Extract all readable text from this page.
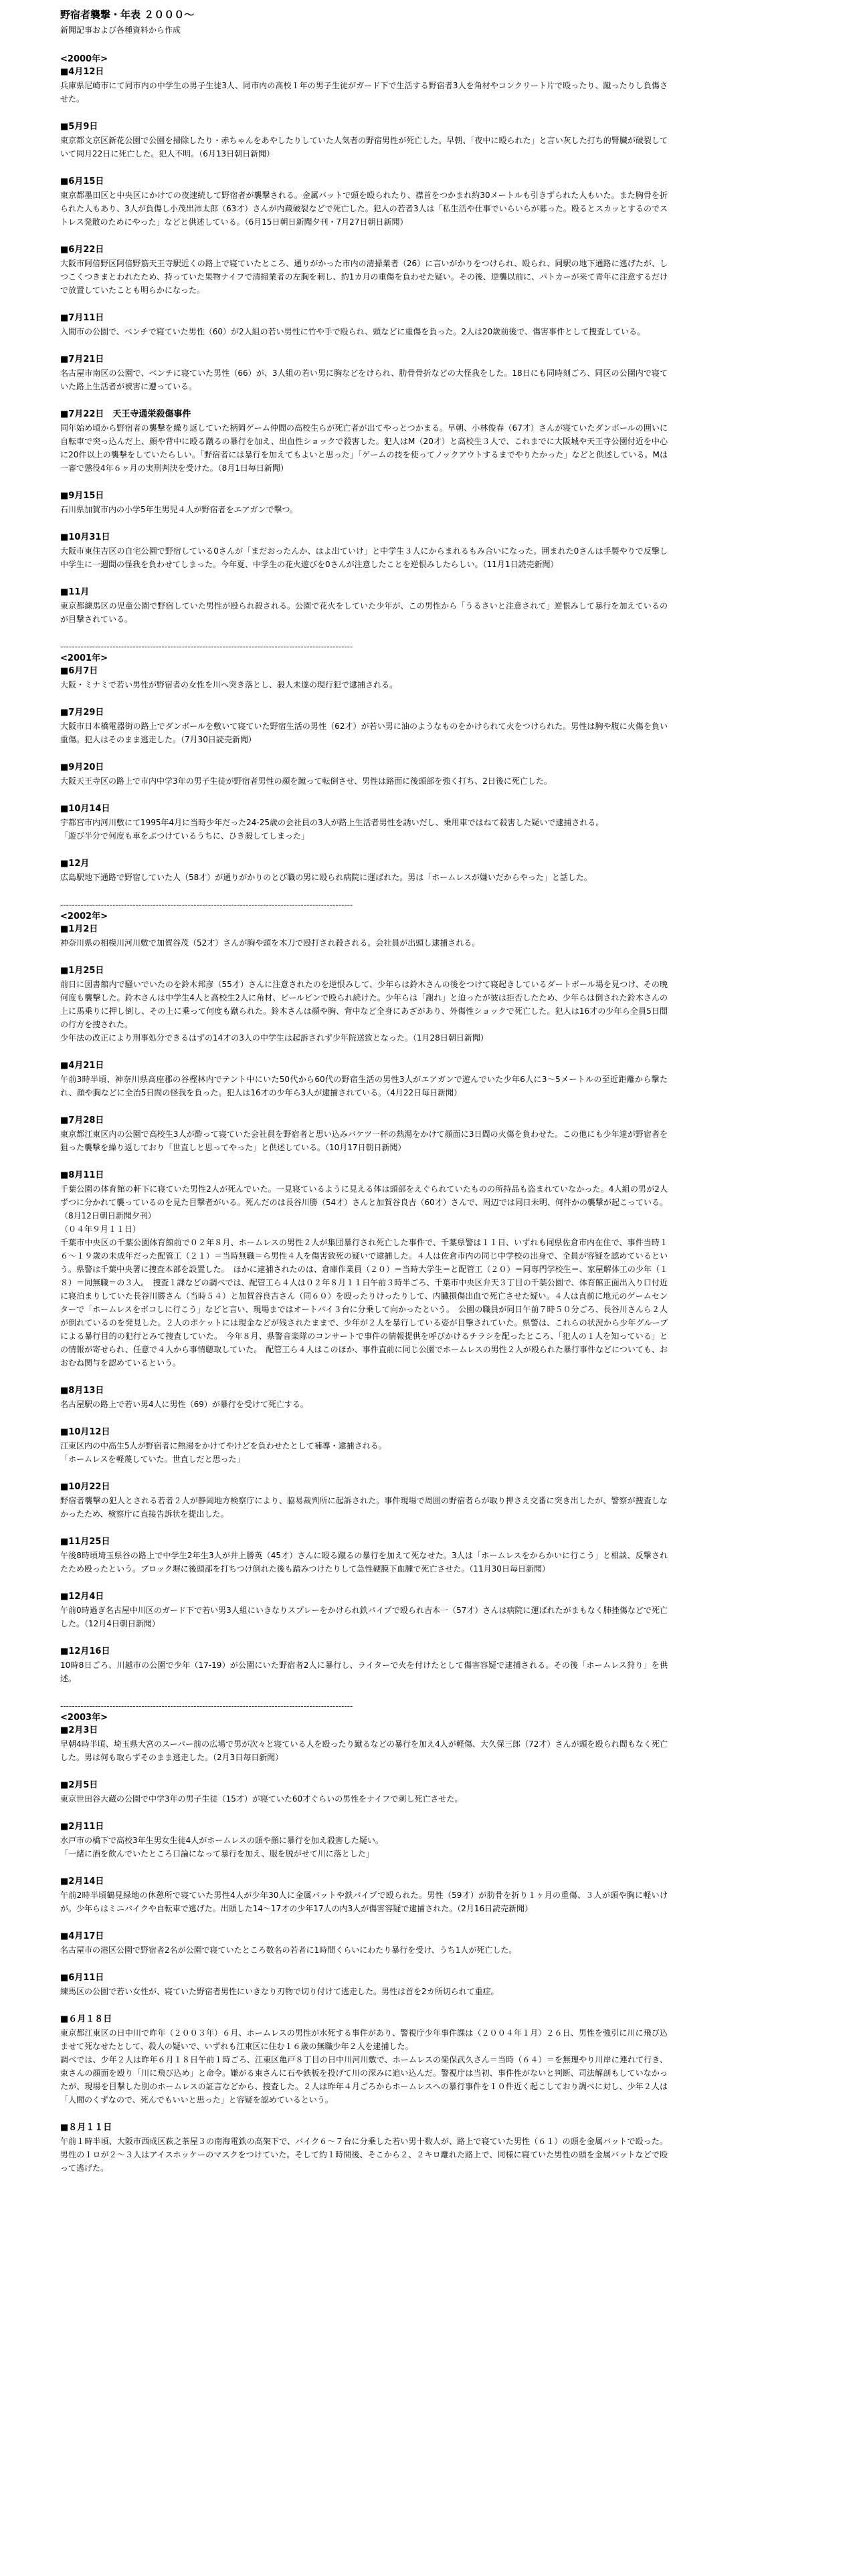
野宿者襲撃・年表 ２０００～
新聞記事および各種資料から作成
<2000年>
■4月12日

兵庫県尼崎市にて同市内の中学生の男子生徒3人、同市内の高校１年の男子生徒がガード下で生活する野宿者3人を角材やコンクリート片で殴ったり、蹴ったりし負傷させた。

■5月9日

東京都文京区新花公園で公園を掃除したり・赤ちゃんをあやしたりしていた人気者の野宿男性が死亡した。早朝、「夜中に殴られた」と言い灰した打ち的腎臓が破裂していて同月22日に死亡した。犯人不明。（6月13日朝日新聞）

■6月15日

東京都墨田区と中央区にかけての夜速続して野宿者が襲撃される。金属バットで頭を殴られたり、襟首をつかまれ約30メートルも引きずられた人もいた。また胸骨を折られた人もあり、3人が負傷し小茂出沛太郎（63才）さんが内蔵破裂などで死亡した。犯人の若者3人は「私生活や仕事でいらいらが募った。殴るとスカッとするのでストレス発散のためにやった」などと供述している。（6月15日朝日新聞夕刊・7月27日朝日新聞）

■6月22日

大阪市阿倍野区阿倍野筋天王寺駅近くの路上で寝ていたところ、通りがかった市内の清掃業者（26）に言いがかりをつけられ、殴られ、同駅の地下通路に逃げたが、しつこくつきまとわれたため、持っていた果物ナイフで清掃業者の左胸を刺し、約1カ月の重傷を負わせた疑い。その後、逆襲以前に、パトカーが来て青年に注意するだけで放置していたことも明らかになった。

■7月11日

入間市の公園で、ベンチで寝ていた男性（60）が2人組の若い男性に竹や手で殴られ、頭などに重傷を負った。2人は20歳前後で、傷害事件として捜査している。

■7月21日

名古屋市南区の公園で、ベンチに寝ていた男性（66）が、3人組の若い男に胸などをけられ、肋骨骨折などの大怪我をした。18日にも同時刻ごろ、同区の公園内で寝ていた路上生活者が被害に遭っている。

■7月22日　天王寺通栄殺傷事件

同年始め頃から野宿者の襲撃を繰り返していた柄岡ゲーム仲間の高校生らが死亡者が出てやっとつかまる。早朝、小林俊春（67才）さんが寝ていたダンボールの囲いに自転車で突っ込んだ上、顔や背中に殴る蹴るの暴行を加え、出血性ショックで殺害した。犯人はM（20才）と高校生３人で、これまでに大阪城や天王寺公園付近を中心に20件以上の襲撃をしていたらしい。「野宿者には暴行を加えてもよいと思った」「ゲームの技を使ってノックアウトするまでやりたかった」などと供述している。Mは一審で懲役4年６ヶ月の実刑判決を受けた。（8月1日毎日新聞）

■9月15日

石川県加賀市内の小学5年生男児４人が野宿者をエアガンで撃つ。

■10月31日

大阪市東住吉区の自宅公園で野宿している0さんが「まだおったんか、はよ出ていけ」と中学生３人にからまれるもみ合いになった。囲まれた0さんは手製やりで反撃し中学生に一週間の怪我を負わせてしまった。今年夏、中学生の花火遊びを0さんが注意したことを逆恨みしたらしい。（11月1日読売新聞）

■11月

東京都練馬区の児童公園で野宿していた男性が殴られ殺される。公園で花火をしていた少年が、この男性から「うるさいと注意されて」逆恨みして暴行を加えているのが目撃されている。

-----------------------------------------------------------------------------------------------------
<2001年>
■6月7日

大阪・ミナミで若い男性が野宿者の女性を川へ突き落とし、殺人未遂の現行犯で逮捕される。

■7月29日

大阪市日本橋電器街の路上でダンボールを敷いて寝ていた野宿生活の男性（62才）が若い男に油のようなものをかけられて火をつけられた。男性は胸や腹に火傷を負い重傷。犯人はそのまま逃走した。（7月30日読売新聞）

■9月20日

大阪天王寺区の路上で市内中学3年の男子生徒が野宿者男性の顔を蹴って転倒させ、男性は路面に後頭部を強く打ち、2日後に死亡した。

■10月14日

宇都宮市内河川敷にて1995年4月に当時少年だった24-25歳の会社員の3人が路上生活者男性を誘いだし、乗用車ではねて殺害した疑いで逮捕される。

「遊び半分で何度も車をぶつけているうちに、ひき殺してしまった」

■12月

広島駅地下通路で野宿していた人（58才）が通りがかりのとび職の男に殴られ病院に運ばれた。男は「ホームレスが嫌いだからやった」と話した。

-----------------------------------------------------------------------------------------------------
<2002年>
■1月2日

神奈川県の相模川河川敷で加賀谷茂（52才）さんが胸や頭を木刀で殴打され殺される。会社員が出頭し逮捕される。

■1月25日

前日に図書館内で騒いでいたのを鈴木邦彦（55才）さんに注意されたのを逆恨みして、少年らは鈴木さんの後をつけて寝起きしているダートボール場を見つけ、その晩何度も襲撃した。鈴木さんは中学生4人と高校生2人に角材、ビールビンで殴られ続けた。少年らは「謝れ」と迫ったが彼は拒否したため、少年らは倒された鈴木さんの上に馬乗りに押し倒し、その上に乗って何度も蹴られた。鈴木さんは顔や胸、背中など全身にあざがあり、外傷性ショックで死亡した。犯人は16才の少年ら全員5日間の行方を捜された。

少年法の改正により刑事処分できるはずの14才の3人の中学生は起訴されず少年院送致となった。（1月28日朝日新聞）

■4月21日

午前3時半頃、神奈川県高座郡の谷樫林内でテント中にいた50代から60代の野宿生活の男性3人がエアガンで遊んでいた少年6人に3～5メートルの至近距離から撃たれ、顔や胸などに全治5日間の怪我を負った。犯人は16才の少年ら3人が逮捕されている。（4月22日毎日新聞）

■7月28日

東京都江東区内の公園で高校生3人が酔って寝ていた会社員を野宿者と思い込みバケツ一杯の熱湯をかけて顔面に3日間の火傷を負わせた。この他にも少年達が野宿者を狙った襲撃を繰り返しており「世直しと思ってやった」と供述している。（10月17日朝日新聞）

■8月11日

千葉公園の体育館の軒下に寝ていた男性2人が死んでいた。一見寝ているように見える体は頭部をえぐられていたものの所持品も盗まれていなかった。4人組の男が2人ずつに分かれて襲っているのを見た目撃者がいる。死んだのは長谷川勝（54才）さんと加賀谷良吉（60才）さんで、周辺では同日未明、何件かの襲撃が起こっている。（8月12日朝日新聞夕刊）

（０４年９月１１日）

千葉市中央区の千葉公園体育館前で０２年８月、ホームレスの男性２人が集団暴行され死亡した事件で、千葉県警は１１日、いずれも同県佐倉市内在住で、事件当時１６～１９歳の未成年だった配管工（２１）＝当時無職＝ら男性４人を傷害致死の疑いで逮捕した。４人は佐倉市内の同じ中学校の出身で、全員が容疑を認めているという。県警は千葉中央署に捜査本部を設置した。　ほかに逮捕されたのは、倉庫作業員（２０）＝当時大学生＝と配管工（２０）＝同専門学校生＝、家屋解体工の少年（１８）＝同無職＝の３人。　捜査１課などの調べでは、配管工ら４人は０２年８月１１日午前３時半ごろ、千葉市中央区弁天３丁目の千葉公園で、体育館正面出入り口付近に寝泊まりしていた長谷川勝さん（当時５４）と加賀谷良吉さん（同６０）を殴ったりけったりして、内臓損傷出血で死亡させた疑い。４人は直前に地元のゲームセンターで「ホームレスをボコしに行こう」などと言い、現場まではオートバイ３台に分乗して向かったという。　公園の職員が同日午前７時５０分ごろ、長谷川さんら２人が倒れているのを発見した。２人のポケットには現金などが残されたままで、少年が２人を暴行している姿が目撃されていた。県警は、これらの状況から少年グループによる暴行目的の犯行とみて捜査していた。　今年８月、県警音楽隊のコンサートで事件の情報提供を呼びかけるチラシを配ったところ、「犯人の１人を知っている」との情報が寄せられ、任意で４人から事情聴取していた。　配管工ら４人はこのほか、事件直前に同じ公園でホームレスの男性２人が殴られた暴行事件などについても、おおむね関与を認めているという。

■8月13日

名古屋駅の路上で若い男4人に男性（69）が暴行を受けて死亡する。

■10月12日

江東区内の中高生5人が野宿者に熱湯をかけてやけどを負わせたとして補導・逮捕される。

「ホームレスを軽蔑していた。世直しだと思った」

■10月22日

野宿者襲撃の犯人とされる若者２人が静岡地方検察庁により、脇易裁判所に起訴された。事件現場で周囲の野宿者らが取り押さえ交番に突き出したが、警察が捜査しなかったため、検察庁に直接告訴状を提出した。

■11月25日

午後8時頃埼玉県谷の路上で中学生2年生3人が井上勝英（45才）さんに殴る蹴るの暴行を加えて死なせた。3人は「ホームレスをからかいに行こう」と相談、反撃されたため殴ったという。ブロック塀に後頭部を打ちつけ倒れた後も踏みつけたりして急性硬膜下血腫で死亡させた。（11月30日毎日新聞）

■12月4日

午前0時過ぎ名古屋中川区のガード下で若い男3人組にいきなりスプレーをかけられ鉄パイプで殴られ吉本一（57才）さんは病院に運ばれたがまもなく肺挫傷などで死亡した。（12月4日朝日新聞）

■12月16日

10時8日ごろ、川越市の公園で少年（17-19）が公園にいた野宿者2人に暴行し、ライターで火を付けたとして傷害容疑で逮捕される。その後「ホームレス狩り」を供述。

-----------------------------------------------------------------------------------------------------
<2003年>
■2月3日

早朝4時半頃、埼玉県大宮のスーパー前の広場で男が次々と寝ている人を殴ったり蹴るなどの暴行を加え4人が軽傷、大久保三郎（72才）さんが頭を殴られ間もなく死亡した。男は何も取らずそのまま逃走した。（2月3日毎日新聞）

■2月5日

東京世田谷大蔵の公園で中学3年の男子生徒（15才）が寝ていた60才ぐらいの男性をナイフで刺し死亡させた。

■2月11日

水戸市の橋下で高校3年生男女生徒4人がホームレスの頭や顔に暴行を加え殺害した疑い。

「一緒に酒を飲んでいたところ口論になって暴行を加え、服を脱がせて川に落とした」

■2月14日

午前2時半頃鶴見緑地の休憩所で寝ていた男性4人が少年30人に金属バットや鉄パイプで殴られた。男性（59才）が肋骨を折り１ヶ月の重傷、３人が頭や胸に軽いけが。少年らはミニバイクや自転車で逃げた。出頭した14～17才の少年17人の内3人が傷害容疑で逮捕された。（2月16日読売新聞）

■4月17日

名古屋市の港区公園で野宿者2名が公園で寝ていたところ数名の若者に1時間くらいにわたり暴行を受け、うち1人が死亡した。

■6月11日

練馬区の公園で若い女性が、寝ていた野宿者男性にいきなり刃物で切り付けて逃走した。男性は首を2カ所切られて重症。

■６月１８日

東京都江東区の日中川で昨年（２００３年）６月、ホームレスの男性が水死する事件があり、警視庁少年事件課は（２００４年１月）２６日、男性を強引に川に飛び込ませて死なせたとして、殺人の疑いで、いずれも江東区に住む１６歳の無職少年２人を逮捕した。

調べでは、少年２人は昨年６月１８日午前１時ごろ、江東区亀戸８丁目の日中川河川敷で、ホームレスの楽保武久さん＝当時（６４）＝を無理やり川岸に連れて行き、束さんの顔面を殴り「川に飛び込め」と命令。嫌がる束さんに石や鉄板を投げて川の深みに追い込んだ。警視庁は当初、事件性がないと判断、司法解剖もしていなかったが、現場を目撃した別のホームレスの証言などから、捜査した。２人は昨年４月ごろからホームレスへの暴行事件を１０件近く起こしており調べに対し、少年２人は「人間のくずなので、死んでもいいと思った」と容疑を認めているという。

■８月１１日

午前１時半頃、大阪市西成区萩之茶屋３の南海電鉄の高架下で、バイク６～７台に分乗した若い男十数人が、路上で寝ていた男性（６１）の頭を金属バットで殴った。男性の１ロが２～３人はアイスホッケーのマスクをつけていた。そして約１時間後、そこから２、２キロ離れた路上で、同様に寝ていた男性の頭を金属バットなどで殴って逃げた。
